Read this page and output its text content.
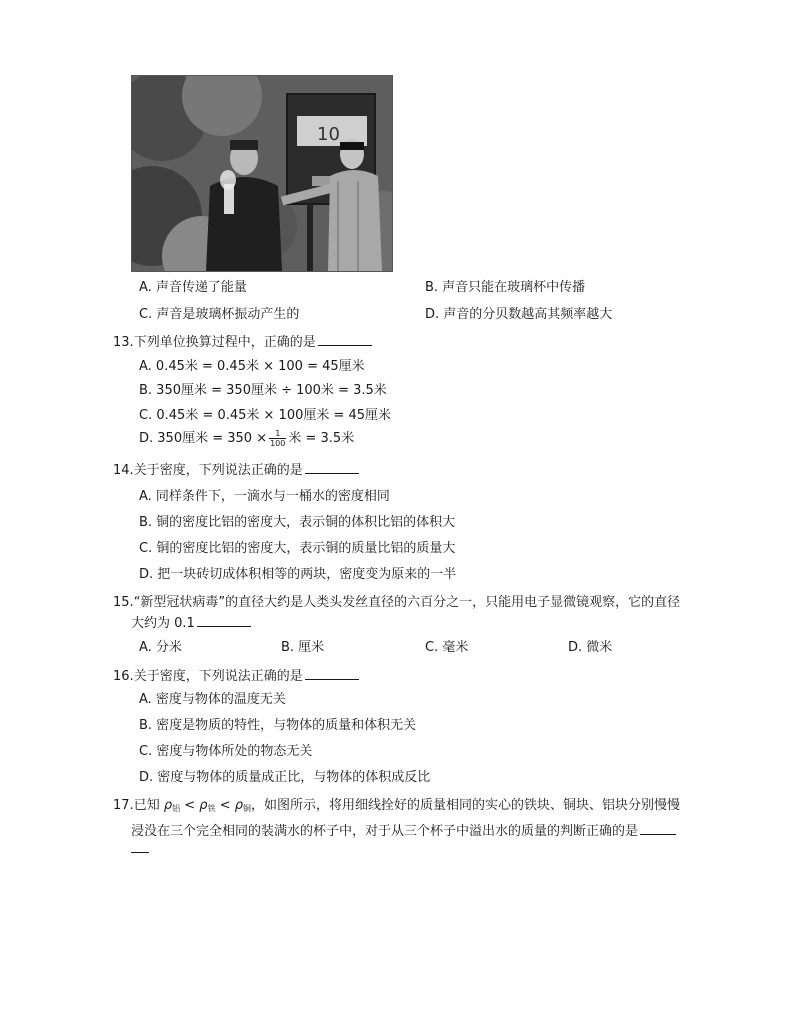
10
A. 声音传递了能量	B. 声音只能在玻璃杯中传播
C. 声音是玻璃杯振动产生的	D. 声音的分贝数越高其频率越大
13.下列单位换算过程中，正确的是
A. 0.45米 = 0.45米 × 100 = 45厘米
B. 350厘米 = 350厘米 ÷ 100米 = 3.5米
C. 0.45米 = 0.45米 × 100厘米 = 45厘米
D. 350厘米 = $350 \times \frac{1}{100}$ 米 = 3.5米
14.关于密度，下列说法正确的是
A. 同样条件下，一滴水与一桶水的密度相同
B. 铜的密度比铝的密度大，表示铜的体积比铝的体积大
C. 铜的密度比铝的密度大，表示铜的质量比铝的质量大
D. 把一块砖切成体积相等的两块，密度变为原来的一半
15.“新型冠状病毒”的直径大约是人类头发丝直径的六百分之一，只能用电子显微镜观察，它的直径
大约为 0.1
A. 分米	B. 厘米	C. 毫米	D. 微米
16.关于密度，下列说法正确的是
A. 密度与物体的温度无关
B. 密度是物质的特性，与物体的质量和体积无关
C. 密度与物体所处的物态无关
D. 密度与物体的质量成正比，与物体的体积成反比
17.已知 $\rho_铝 < \rho_铁 < \rho_铜$，如图所示，将用细线拴好的质量相同的实心的铁块、铜块、铝块分别慢慢
浸没在三个完全相同的装满水的杯子中，对于从三个杯子中溢出水的质量的判断正确的是
